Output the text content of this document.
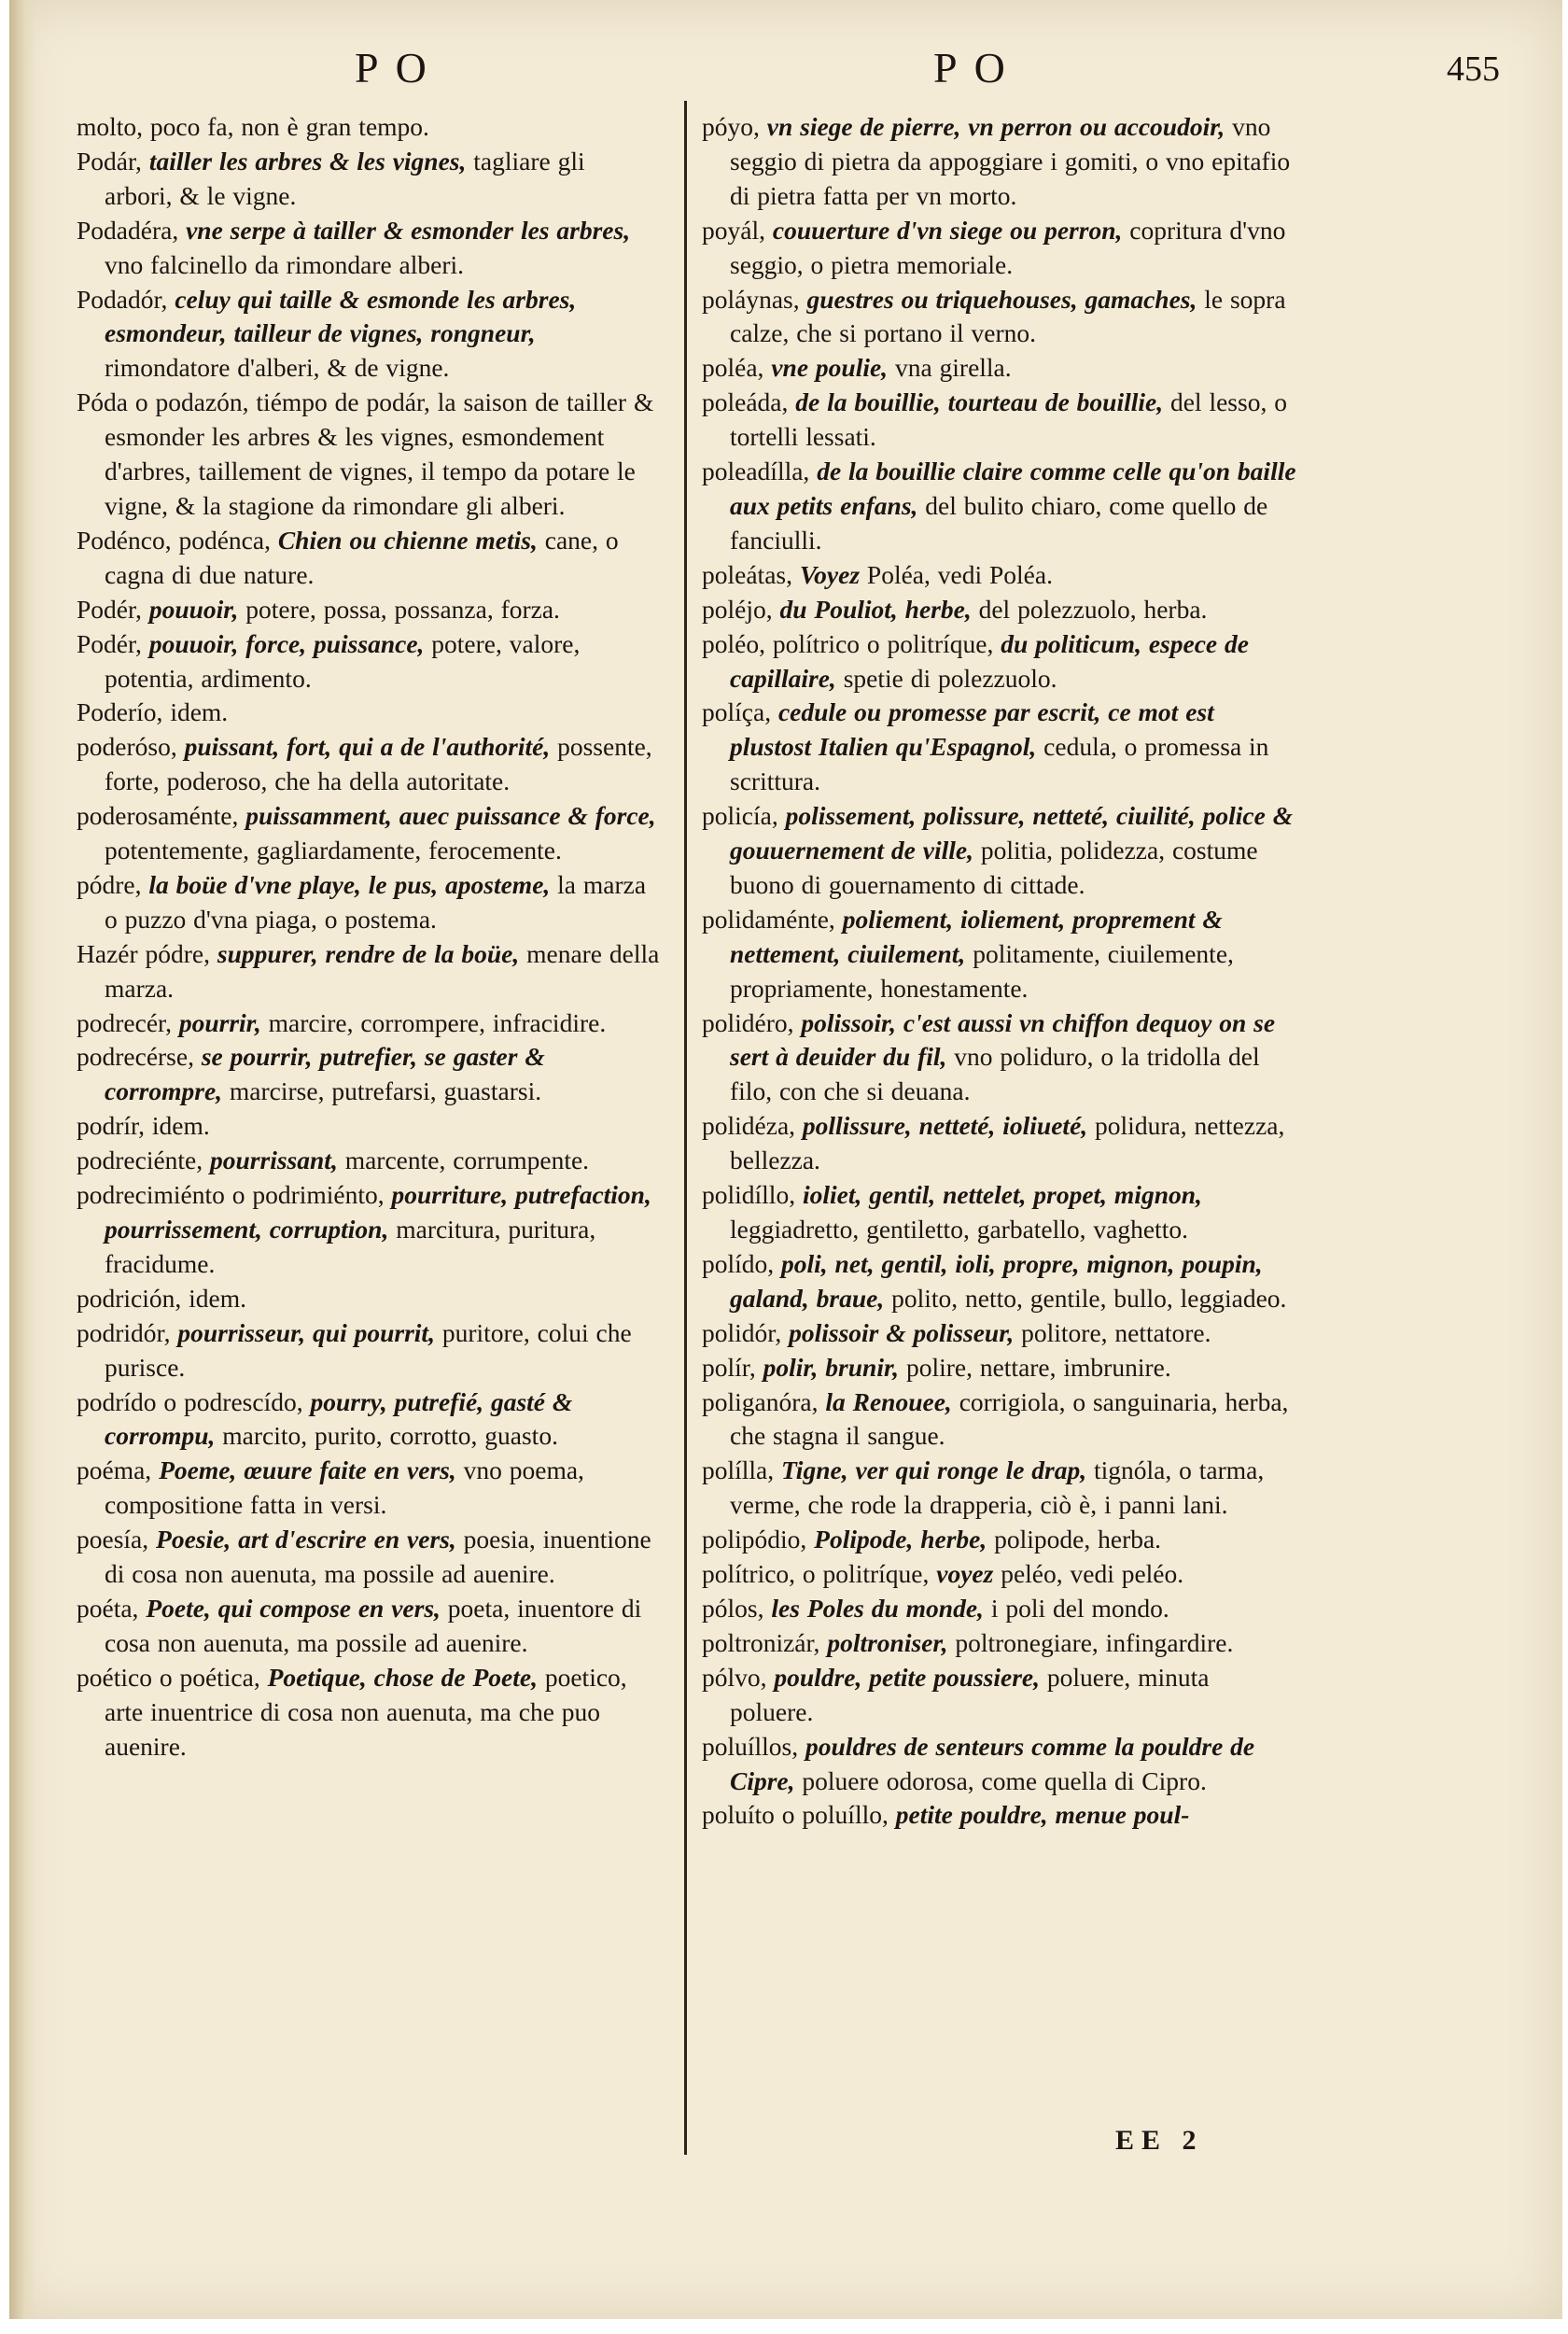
PO	PO	455

molto, poco fa, non è gran tempo.

Podár, tailler les arbres & les vignes, tagliare gli arbori, & le vigne.

Podadéra, vne serpe à tailler & esmonder les arbres, vno falcinello da rimondare alberi.

Podadór, celuy qui taille & esmonde les arbres, esmondeur, tailleur de vignes, rongneur, rimondatore d'alberi, & de vigne.

Póda o podazón, tiémpo de podár, la saison de tailler & esmonder les arbres & les vignes, esmondement d'arbres, taillement de vignes, il tempo da potare le vigne, & la stagione da rimondare gli alberi.

Podénco, podénca, Chien ou chienne metis, cane, o cagna di due nature.

Podér, pouuoir, potere, possa, possanza, forza.

Podér, pouuoir, force, puissance, potere, valore, potentia, ardimento.

Poderío, idem.

poderóso, puissant, fort, qui a de l'authorité, possente, forte, poderoso, che ha della autoritate.

poderosaménte, puissamment, auec puissance & force, potentemente, gagliardamente, ferocemente.

pódre, la boüe d'vne playe, le pus, aposteme, la marza o puzzo d'vna piaga, o postema.

Hazér pódre, suppurer, rendre de la boüe, menare della marza.

podrecér, pourrir, marcire, corrompere, infracidire.

podrecérse, se pourrir, putrefier, se gaster & corrompre, marcirse, putrefarsi, guastarsi.

podrír, idem.

podreciénte, pourrissant, marcente, corrumpente.

podrecimiénto o podrimiénto, pourriture, putrefaction, pourrissement, corruption, marcitura, puritura, fracidume.

podrición, idem.

podridór, pourrisseur, qui pourrit, puritore, colui che purisce.

podrído o podrescído, pourry, putrefié, gasté & corrompu, marcito, purito, corrotto, guasto.

poéma, Poeme, œuure faite en vers, vno poema, compositione fatta in versi.

poesía, Poesie, art d'escrire en vers, poesia, inuentione di cosa non auenuta, ma possile ad auenire.

poéta, Poete, qui compose en vers, poeta, inuentore di cosa non auenuta, ma possile ad auenire.

poético o poética, Poetique, chose de Poete, poetico, arte inuentrice di cosa non auenuta, ma che puo auenire.

póyo, vn siege de pierre, vn perron ou accoudoir, vno seggio di pietra da appoggiare i gomiti, o vno epitafio di pietra fatta per vn morto.

poyál, couuerture d'vn siege ou perron, copritura d'vno seggio, o pietra memoriale.

poláynas, guestres ou triquehouses, gamaches, le sopra calze, che si portano il verno.

poléa, vne poulie, vna girella.

poleáda, de la bouillie, tourteau de bouillie, del lesso, o tortelli lessati.

poleadílla, de la bouillie claire comme celle qu'on baille aux petits enfans, del bulito chiaro, come quello de fanciulli.

poleátas, Voyez Poléa, vedi Poléa.

poléjo, du Pouliot, herbe, del polezzuolo, herba.

poléo, polítrico o politríque, du politicum, espece de capillaire, spetie di polezzuolo.

políça, cedule ou promesse par escrit, ce mot est plustost Italien qu'Espagnol, cedula, o promessa in scrittura.

policía, polissement, polissure, netteté, ciuilité, police & gouuernement de ville, politia, polidezza, costume buono di gouernamento di cittade.

polidaménte, poliement, ioliement, proprement & nettement, ciuilement, politamente, ciuilemente, propriamente, honestamente.

polidéro, polissoir, c'est aussi vn chiffon dequoy on se sert à deuider du fil, vno poliduro, o la tridolla del filo, con che si deuana.

polidéza, pollissure, netteté, ioliueté, polidura, nettezza, bellezza.

polidíllo, ioliet, gentil, nettelet, propet, mignon, leggiadretto, gentiletto, garbatello, vaghetto.

polído, poli, net, gentil, ioli, propre, mignon, poupin, galand, braue, polito, netto, gentile, bullo, leggiadeo.

polidór, polissoir & polisseur, politore, nettatore.

polír, polir, brunir, polire, nettare, imbrunire.

poliganóra, la Renouee, corrigiola, o sanguinaria, herba, che stagna il sangue.

polílla, Tigne, ver qui ronge le drap, tignóla, o tarma, verme, che rode la drapperia, ciò è, i panni lani.

polipódio, Polipode, herbe, polipode, herba.

polítrico, o politríque, voyez peléo, vedi peléo.

pólos, les Poles du monde, i poli del mondo.

poltronizár, poltroniser, poltronegiare, infingardire.

pólvo, pouldre, petite poussiere, poluere, minuta poluere.

poluíllos, pouldres de senteurs comme la pouldre de Cipre, poluere odorosa, come quella di Cipro.

poluíto o poluíllo, petite pouldre, menue poul-

EE 2
